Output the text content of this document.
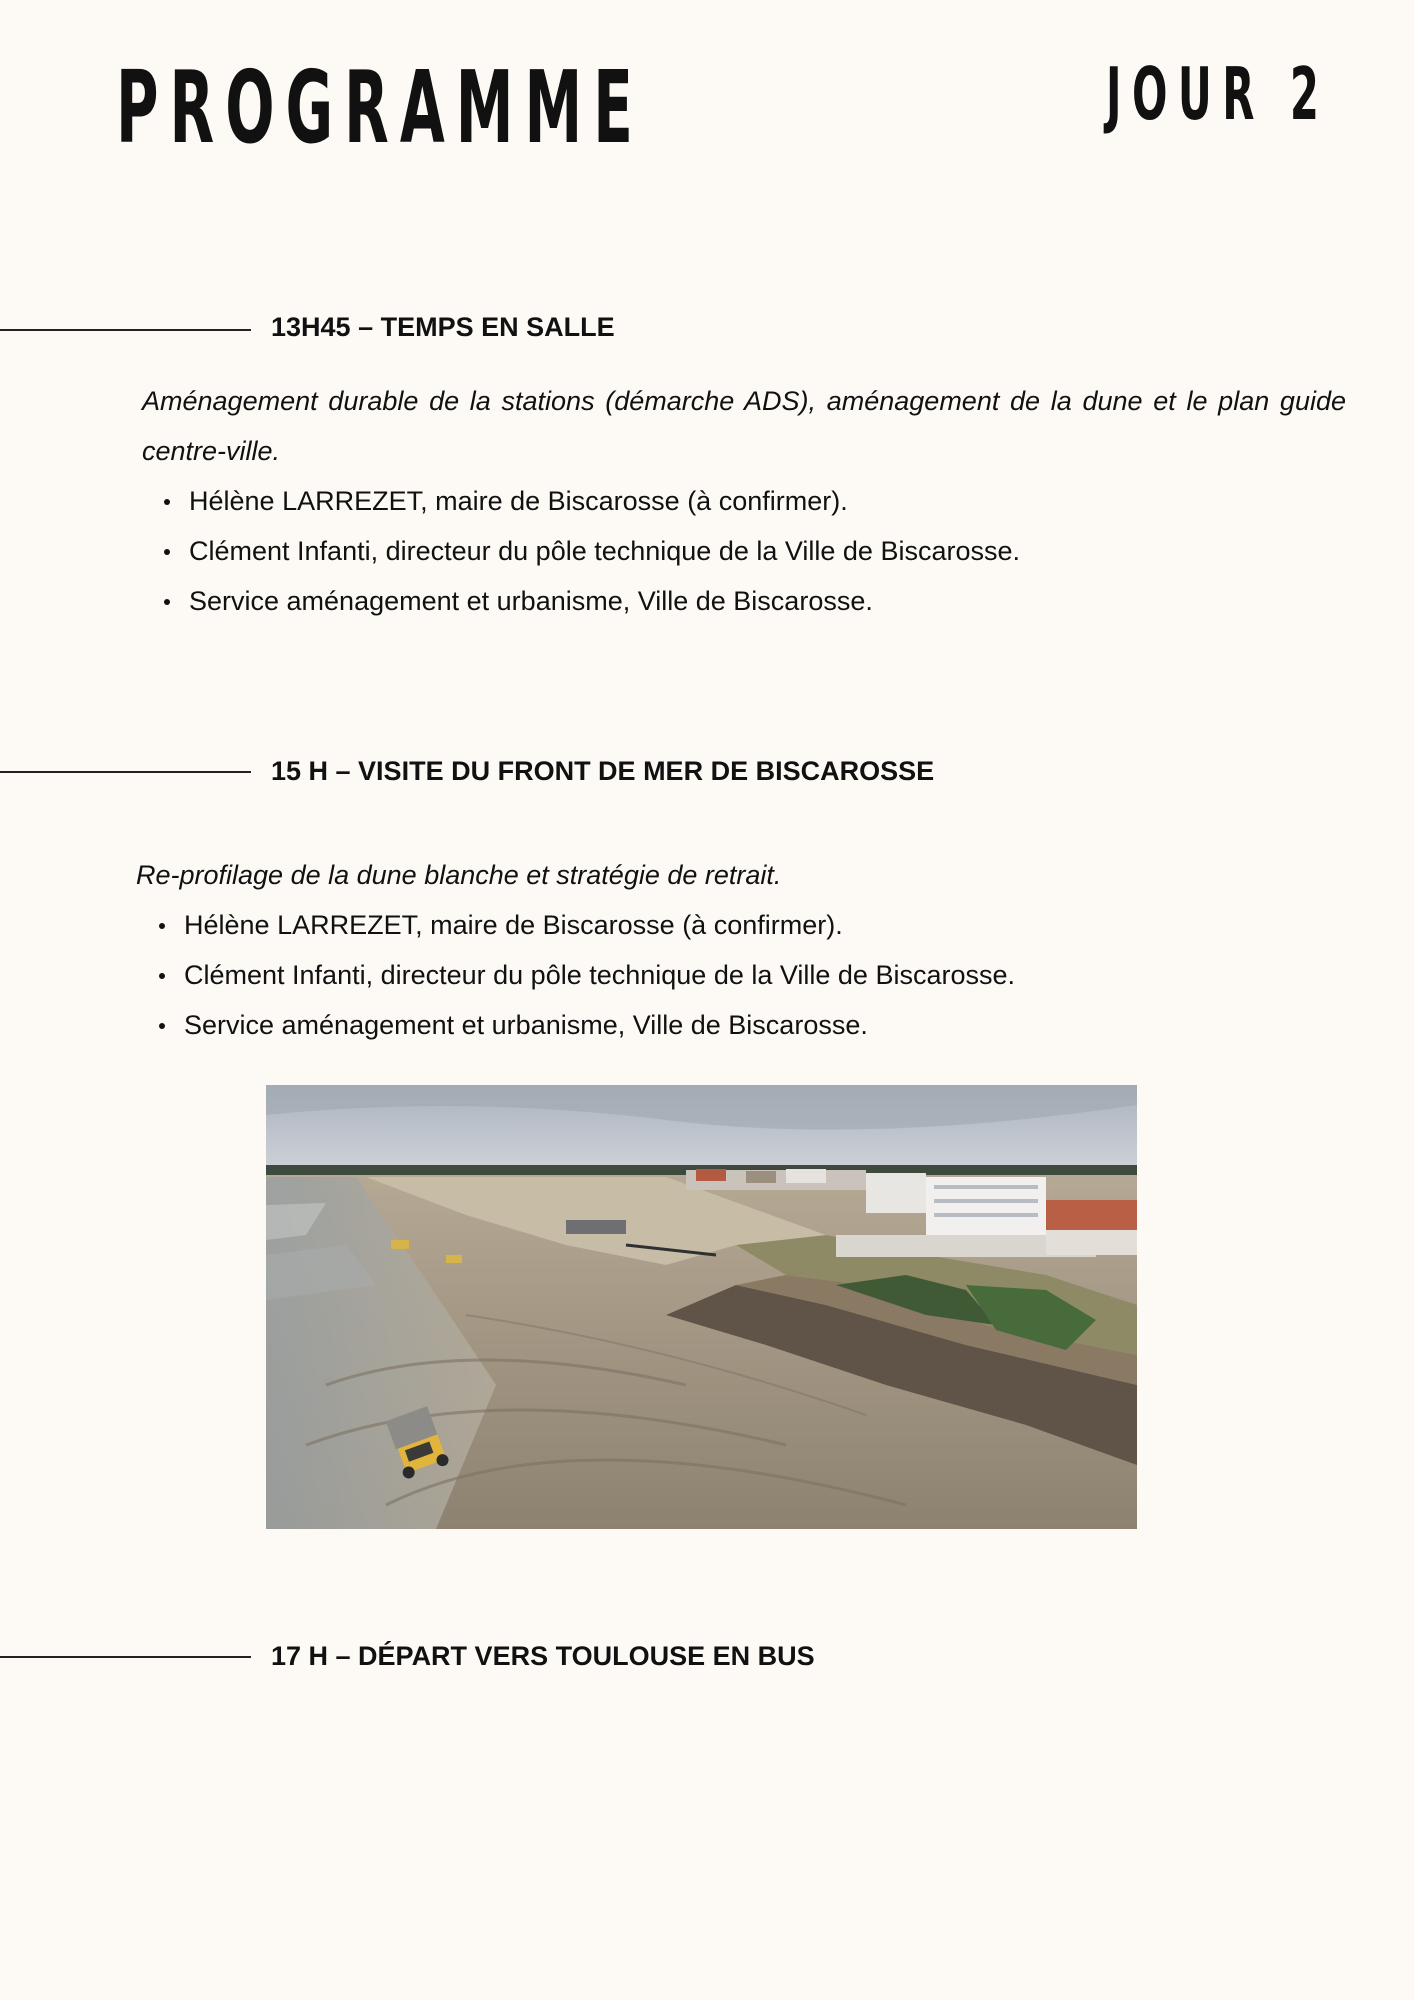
PROGRAMME	JOUR 2
13H45 – TEMPS EN SALLE

Aménagement durable de la stations (démarche ADS), aménagement de la dune et le plan guide centre-ville.

Hélène LARREZET, maire de Biscarosse (à confirmer).
Clément Infanti, directeur du pôle technique de la Ville de Biscarosse.
Service aménagement et urbanisme, Ville de Biscarosse.
15 H – VISITE DU FRONT DE MER DE BISCAROSSE

Re-profilage de la dune blanche et stratégie de retrait.

Hélène LARREZET, maire de Biscarosse (à confirmer).
Clément Infanti, directeur du pôle technique de la Ville de Biscarosse.
Service aménagement et urbanisme, Ville de Biscarosse.
17 H – DÉPART VERS TOULOUSE EN BUS
